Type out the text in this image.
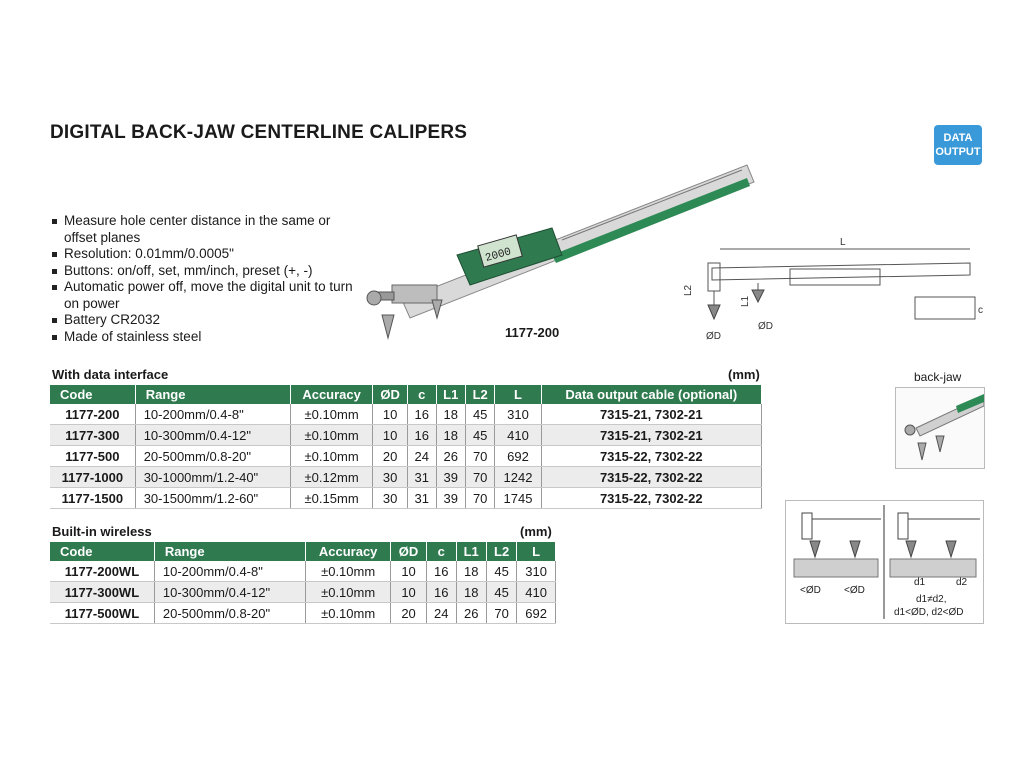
DIGITAL BACK-JAW CENTERLINE CALIPERS	DATA
OUTPUT
Measure hole center distance in the same or offset planes
Resolution: 0.01mm/0.0005"
Buttons: on/off, set, mm/inch, preset (+, -)
Automatic power off, move the digital unit to turn on power
Battery CR2032
Made of stainless steel
2000
1177-200
L
L2
L1
c
ØD
ØD
With data interface	(mm)
Code	Range	Accuracy	ØD	c	L1	L2	L	Data output cable (optional)
1177-200	10-200mm/0.4-8"	±0.10mm	10	16	18	45	310	7315-21, 7302-21
1177-300	10-300mm/0.4-12"	±0.10mm	10	16	18	45	410	7315-21, 7302-21
1177-500	20-500mm/0.8-20"	±0.10mm	20	24	26	70	692	7315-22, 7302-22
1177-1000	30-1000mm/1.2-40"	±0.12mm	30	31	39	70	1242	7315-22, 7302-22
1177-1500	30-1500mm/1.2-60"	±0.15mm	30	31	39	70	1745	7315-22, 7302-22
Built-in wireless	(mm)
Code	Range	Accuracy	ØD	c	L1	L2	L
1177-200WL	10-200mm/0.4-8"	±0.10mm	10	16	18	45	310
1177-300WL	10-300mm/0.4-12"	±0.10mm	10	16	18	45	410
1177-500WL	20-500mm/0.8-20"	±0.10mm	20	24	26	70	692
back-jaw
<ØD <ØD
d1	d2
d1≠d2,
d1<ØD, d2<ØD
